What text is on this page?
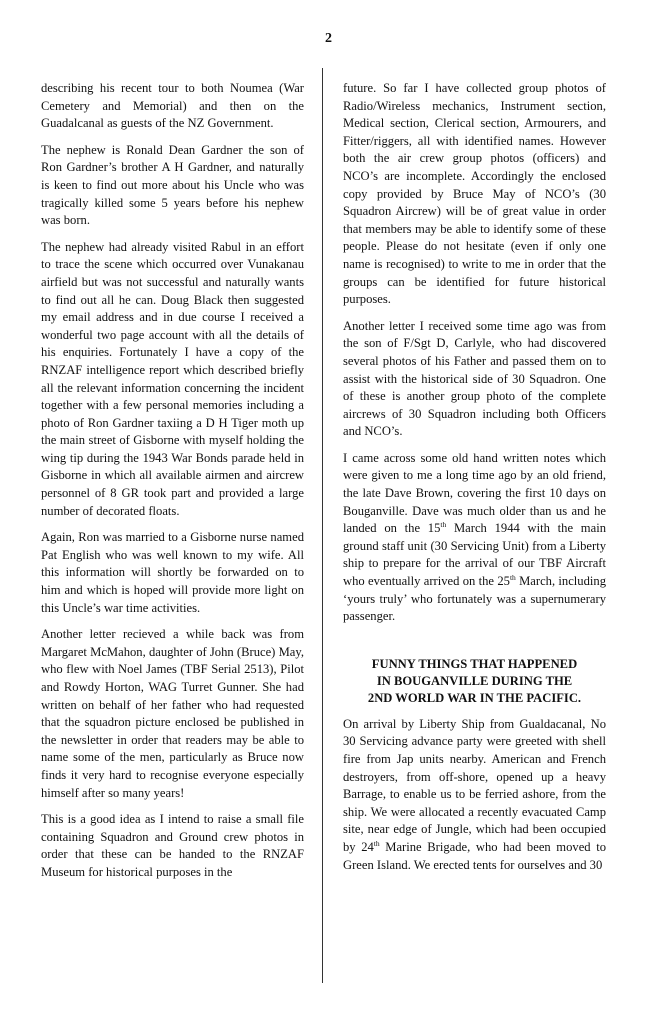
2

describing his recent tour to both Noumea (War Cemetery and Memorial) and then on the Guadalcanal as guests of the NZ Government.

The nephew is Ronald Dean Gardner the son of Ron Gardner’s brother A H Gardner, and naturally is keen to find out more about his Uncle who was tragically killed some 5 years before his nephew was born.

The nephew had already visited Rabul in an effort to trace the scene which occurred over Vunakanau airfield but was not successful and naturally wants to find out all he can. Doug Black then suggested my email address and in due course I received a wonderful two page account with all the details of his enquiries. Fortunately I have a copy of the RNZAF intelligence report which described briefly all the relevant information concerning the incident together with a few personal memories including a photo of Ron Gardner taxiing a D H Tiger moth up the main street of Gisborne with myself holding the wing tip during the 1943 War Bonds parade held in Gisborne in which all available airmen and aircrew personnel of 8 GR took part and provided a large number of decorated floats.

Again, Ron was married to a Gisborne nurse named Pat English who was well known to my wife. All this information will shortly be forwarded on to him and which is hoped will provide more light on this Uncle’s war time activities.

Another letter recieved a while back was from Margaret McMahon, daughter of John (Bruce) May, who flew with Noel James (TBF Serial 2513), Pilot and Rowdy Horton, WAG Turret Gunner. She had written on behalf of her father who had requested that the squadron picture enclosed be published in the newsletter in order that readers may be able to name some of the men, particularly as Bruce now finds it very hard to recognise everyone especially himself after so many years!

This is a good idea as I intend to raise a small file containing Squadron and Ground crew photos in order that these can be handed to the RNZAF Museum for historical purposes in the

future. So far I have collected group photos of Radio/Wireless mechanics, Instrument section, Medical section, Clerical section, Armourers, and Fitter/riggers, all with identified names. However both the air crew group photos (officers) and NCO’s are incomplete. Accordingly the enclosed copy provided by Bruce May of NCO’s (30 Squadron Aircrew) will be of great value in order that members may be able to identify some of these people. Please do not hesitate (even if only one name is recognised) to write to me in order that the groups can be identified for future historical purposes.

Another letter I received some time ago was from the son of F/Sgt D, Carlyle, who had discovered several photos of his Father and passed them on to assist with the historical side of 30 Squadron. One of these is another group photo of the complete aircrews of 30 Squadron including both Officers and NCO’s.

I came across some old hand written notes which were given to me a long time ago by an old friend, the late Dave Brown, covering the first 10 days on Bouganville. Dave was much older than us and he landed on the 15th March 1944 with the main ground staff unit (30 Servicing Unit) from a Liberty ship to prepare for the arrival of our TBF Aircraft who eventually arrived on the 25th March, including ‘yours truly’ who fortunately was a supernumerary passenger.

FUNNY THINGS THAT HAPPENED
IN BOUGANVILLE DURING THE
2ND WORLD WAR IN THE PACIFIC.

On arrival by Liberty Ship from Gualdacanal, No 30 Servicing advance party were greeted with shell fire from Jap units nearby. American and French destroyers, from off-shore, opened up a heavy Barrage, to enable us to be ferried ashore, from the ship. We were allocated a recently evacuated Camp site, near edge of Jungle, which had been occupied by 24th Marine Brigade, who had been moved to Green Island. We erected tents for ourselves and 30
